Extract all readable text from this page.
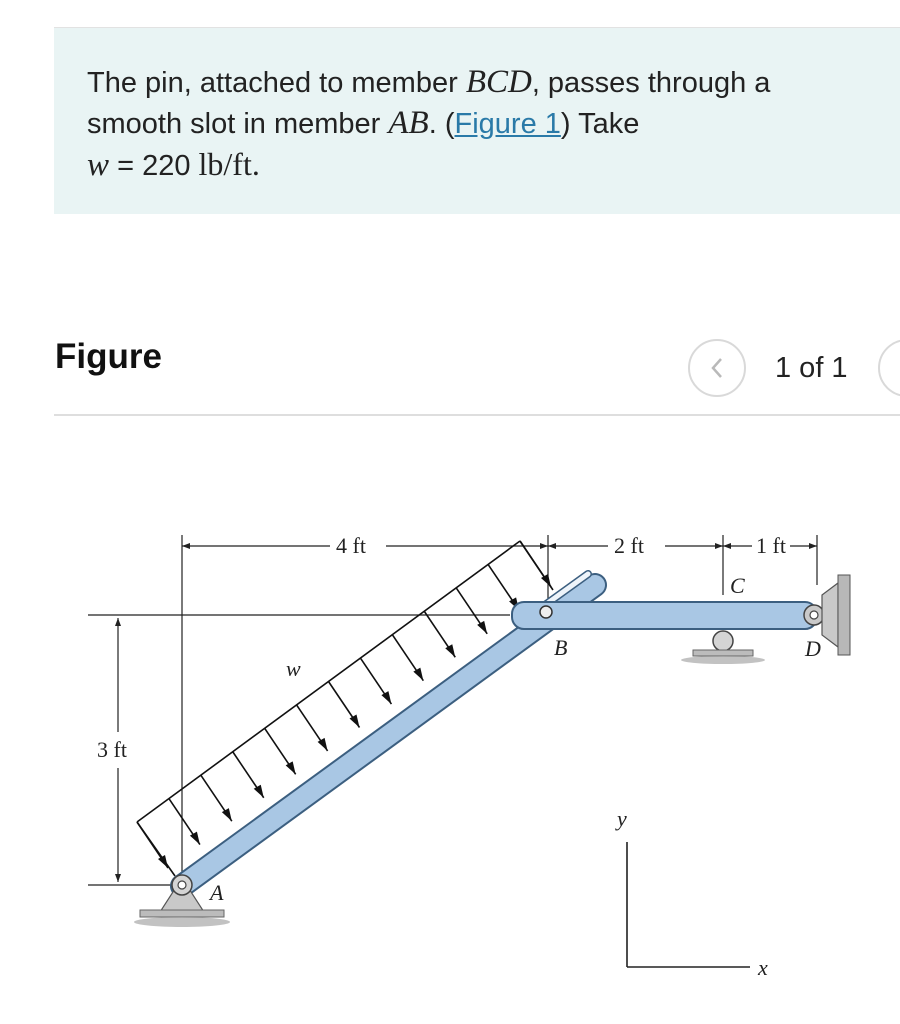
The pin, attached to member BCD, passes through a
smooth slot in member AB. (Figure 1) Take
w = 220 lb/ft.
Figure	1 of 1
4 ft	2 ft	1 ft
3 ft
w
A
B
C
D
y
x
